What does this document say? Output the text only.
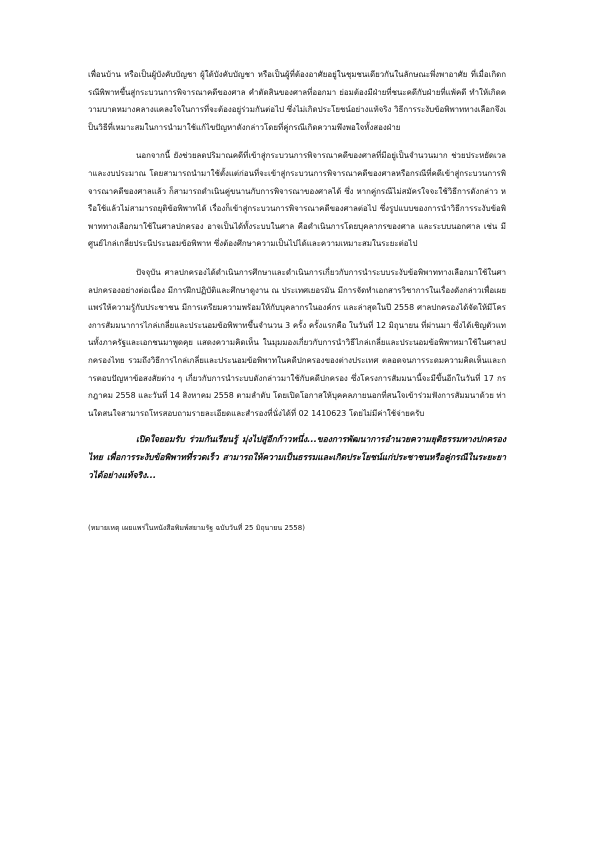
เพื่อนบ้าน หรือเป็นผู้บังคับบัญชา ผู้ใต้บังคับบัญชา หรือเป็นผู้ที่ต้องอาศัยอยู่ในชุมชนเดียวกันในลักษณะพึ่งพาอาศัย ที่เมื่อเกิดกรณีพิพาทขึ้นสู่กระบวนการพิจารณาคดีของศาล คำตัดสินของศาลที่ออกมา ย่อมต้องมีฝ่ายที่ชนะคดีกับฝ่ายที่แพ้คดี ทำให้เกิดความบาดหมางคลางแคลงใจในการที่จะต้องอยู่ร่วมกันต่อไป ซึ่งไม่เกิดประโยชน์อย่างแท้จริง วิธีการระงับข้อพิพาททางเลือกจึงเป็นวิธีที่เหมาะสมในการนำมาใช้แก้ไขปัญหาดังกล่าวโดยที่คู่กรณีเกิดความพึงพอใจทั้งสองฝ่าย

นอกจากนี้ ยังช่วยลดปริมาณคดีที่เข้าสู่กระบวนการพิจารณาคดีของศาลที่มีอยู่เป็นจำนวนมาก ช่วยประหยัดเวลาและงบประมาณ โดยสามารถนำมาใช้ตั้งแต่ก่อนที่จะเข้าสู่กระบวนการพิจารณาคดีของศาลหรือกรณีที่คดีเข้าสู่กระบวนการพิจารณาคดีของศาลแล้ว ก็สามารถดำเนินคู่ขนานกับการพิจารณาของศาลได้ ซึ่ง หากคู่กรณีไม่สมัครใจจะใช้วิธีการดังกล่าว หรือใช้แล้วไม่สามารถยุติข้อพิพาทได้ เรื่องก็เข้าสู่กระบวนการพิจารณาคดีของศาลต่อไป ซึ่งรูปแบบของการนำวิธีการระงับข้อพิพาททางเลือกมาใช้ในศาลปกครอง อาจเป็นได้ทั้งระบบในศาล คือดำเนินการโดยบุคลากรของศาล และระบบนอกศาล เช่น มีศูนย์ไกล่เกลี่ยประนีประนอมข้อพิพาท ซึ่งต้องศึกษาความเป็นไปได้และความเหมาะสมในระยะต่อไป

ปัจจุบัน ศาลปกครองได้ดำเนินการศึกษาและดำเนินการเกี่ยวกับการนำระบบระงับข้อพิพาททางเลือกมาใช้ในศาลปกครองอย่างต่อเนื่อง มีการฝึกปฏิบัติและศึกษาดูงาน ณ ประเทศเยอรมัน มีการจัดทำเอกสารวิชาการในเรื่องดังกล่าวเพื่อเผยแพร่ให้ความรู้กับประชาชน มีการเตรียมความพร้อมให้กับบุคลากรในองค์กร และล่าสุดในปี 2558 ศาลปกครองได้จัดให้มีโครงการสัมมนาการไกล่เกลี่ยและประนอมข้อพิพาทขึ้นจำนวน 3 ครั้ง ครั้งแรกคือ ในวันที่ 12 มิถุนายน ที่ผ่านมา ซึ่งได้เชิญตัวแทนทั้งภาครัฐและเอกชนมาพูดคุย แสดงความคิดเห็น ในมุมมองเกี่ยวกับการนำวิธีไกล่เกลี่ยและประนอมข้อพิพาทมาใช้ในศาลปกครองไทย รวมถึงวิธีการไกล่เกลี่ยและประนอมข้อพิพาทในคดีปกครองของต่างประเทศ ตลอดจนการระดมความคิดเห็นและการตอบปัญหาข้อสงสัยต่าง ๆ เกี่ยวกับการนำระบบดังกล่าวมาใช้กับคดีปกครอง ซึ่งโครงการสัมมนานี้จะมีขึ้นอีกในวันที่ 17 กรกฎาคม 2558 และวันที่ 14 สิงหาคม 2558 ตามลำดับ โดยเปิดโอกาสให้บุคคลภายนอกที่สนใจเข้าร่วมฟังการสัมมนาด้วย ท่านใดสนใจสามารถโทรสอบถามรายละเอียดและสำรองที่นั่งได้ที่ 02 1410623 โดยไม่มีค่าใช้จ่ายครับ

เปิดใจยอมรับ ร่วมกันเรียนรู้ มุ่งไปสู่อีกก้าวหนึ่ง...ของการพัฒนาการอำนวยความยุติธรรมทางปกครองไทย เพื่อการระงับข้อพิพาทที่รวดเร็ว สามารถให้ความเป็นธรรมและเกิดประโยชน์แก่ประชาชนหรือคู่กรณีในระยะยาวได้อย่างแท้จริง...

(หมายเหตุ เผยแพร่ในหนังสือพิมพ์สยามรัฐ ฉบับวันที่ 25 มิถุนายน 2558)
